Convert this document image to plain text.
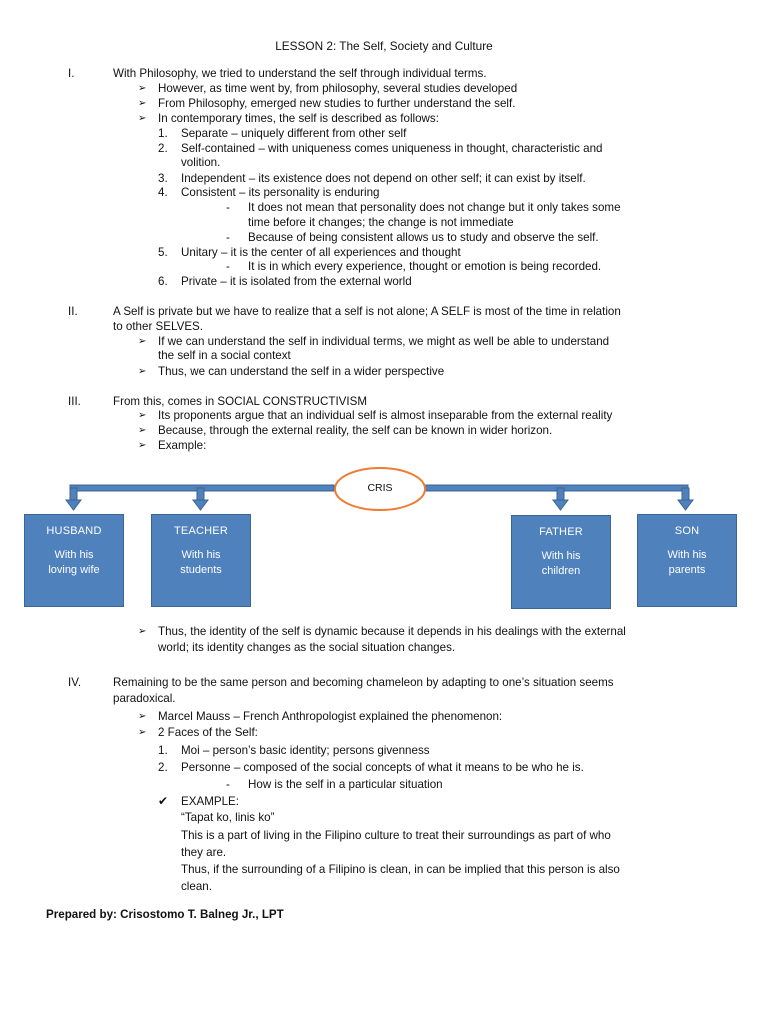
LESSON 2: The Self, Society and Culture
I.	With Philosophy, we tried to understand the self through individual terms.
➢ However, as time went by, from philosophy, several studies developed
➢ From Philosophy, emerged new studies to further understand the self.
➢ In contemporary times, the self is described as follows:
1. Separate – uniquely different from other self
2. Self-contained – with uniqueness comes uniqueness in thought, characteristic and
volition.
3. Independent – its existence does not depend on other self; it can exist by itself.
4. Consistent – its personality is enduring
- It does not mean that personality does not change but it only takes some
time before it changes; the change is not immediate
- Because of being consistent allows us to study and observe the self.
5. Unitary – it is the center of all experiences and thought
- It is in which every experience, thought or emotion is being recorded.
6. Private – it is isolated from the external world
II.	A Self is private but we have to realize that a self is not alone; A SELF is most of the time in relation
to other SELVES.
➢ If we can understand the self in individual terms, we might as well be able to understand
the self in a social context
➢ Thus, we can understand the self in a wider perspective
III.	From this, comes in SOCIAL CONSTRUCTIVISM
➢ Its proponents argue that an individual self is almost inseparable from the external reality
➢ Because, through the external reality, the self can be known in wider horizon.
➢ Example:
CRIS
HUSBAND
With his
loving wife
TEACHER
With his
students
FATHER
With his
children
SON
With his
parents
➢ Thus, the identity of the self is dynamic because it depends in his dealings with the external
world; its identity changes as the social situation changes.
IV.	Remaining to be the same person and becoming chameleon by adapting to one’s situation seems
paradoxical.
➢ Marcel Mauss – French Anthropologist explained the phenomenon:
➢ 2 Faces of the Self:
1. Moi – person’s basic identity; persons givenness
2. Personne – composed of the social concepts of what it means to be who he is.
- How is the self in a particular situation
✔ EXAMPLE:
“Tapat ko, linis ko”
This is a part of living in the Filipino culture to treat their surroundings as part of who
they are.
Thus, if the surrounding of a Filipino is clean, in can be implied that this person is also
clean.
Prepared by: Crisostomo T. Balneg Jr., LPT
